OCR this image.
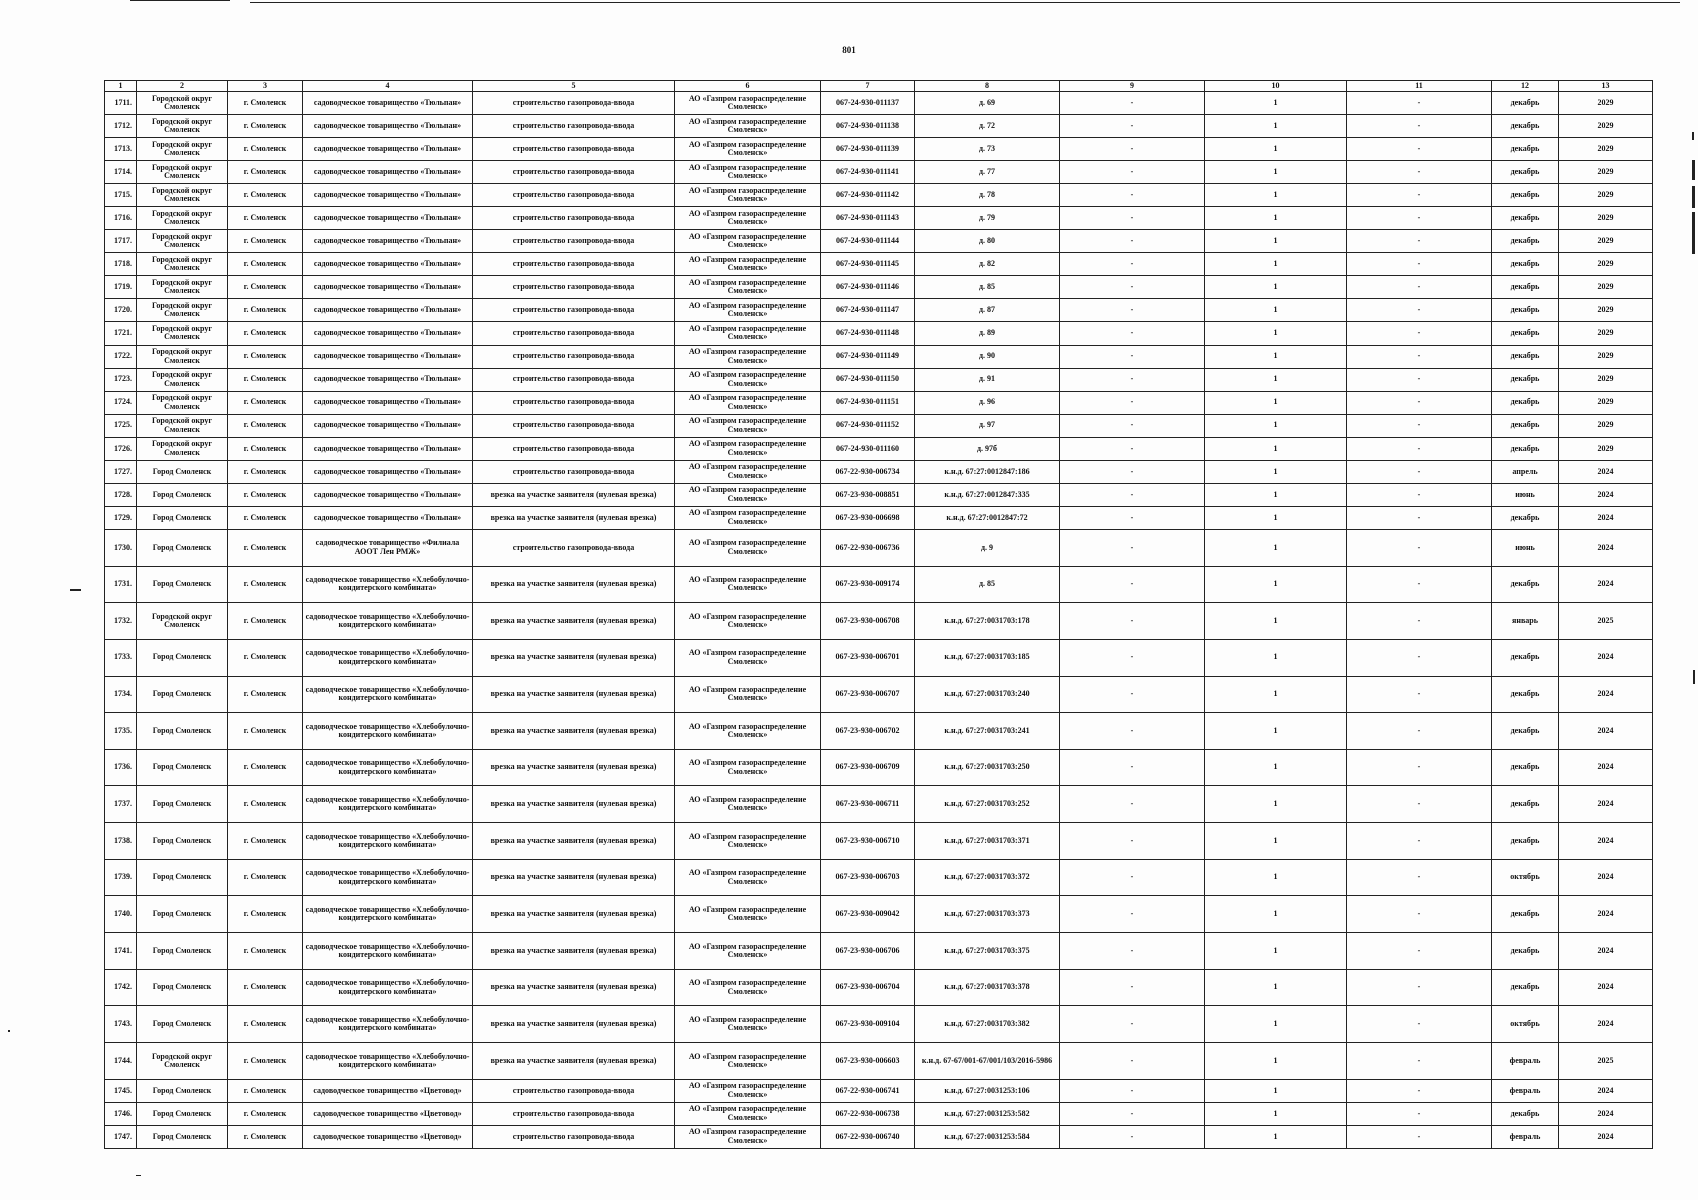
801
1	2	3	4	5	6	7	8	9	10	11	12	13
1711.	Городской округ Смоленск	г. Смоленск	садоводческое товарищество «Тюльпан»	строительство газопровода-ввода	АО «Газпром газораспределение Смоленск»	067-24-930-011137	д. 69	-	1	-	декабрь	2029
1712.	Городской округ Смоленск	г. Смоленск	садоводческое товарищество «Тюльпан»	строительство газопровода-ввода	АО «Газпром газораспределение Смоленск»	067-24-930-011138	д. 72	-	1	-	декабрь	2029
1713.	Городской округ Смоленск	г. Смоленск	садоводческое товарищество «Тюльпан»	строительство газопровода-ввода	АО «Газпром газораспределение Смоленск»	067-24-930-011139	д. 73	-	1	-	декабрь	2029
1714.	Городской округ Смоленск	г. Смоленск	садоводческое товарищество «Тюльпан»	строительство газопровода-ввода	АО «Газпром газораспределение Смоленск»	067-24-930-011141	д. 77	-	1	-	декабрь	2029
1715.	Городской округ Смоленск	г. Смоленск	садоводческое товарищество «Тюльпан»	строительство газопровода-ввода	АО «Газпром газораспределение Смоленск»	067-24-930-011142	д. 78	-	1	-	декабрь	2029
1716.	Городской округ Смоленск	г. Смоленск	садоводческое товарищество «Тюльпан»	строительство газопровода-ввода	АО «Газпром газораспределение Смоленск»	067-24-930-011143	д. 79	-	1	-	декабрь	2029
1717.	Городской округ Смоленск	г. Смоленск	садоводческое товарищество «Тюльпан»	строительство газопровода-ввода	АО «Газпром газораспределение Смоленск»	067-24-930-011144	д. 80	-	1	-	декабрь	2029
1718.	Городской округ Смоленск	г. Смоленск	садоводческое товарищество «Тюльпан»	строительство газопровода-ввода	АО «Газпром газораспределение Смоленск»	067-24-930-011145	д. 82	-	1	-	декабрь	2029
1719.	Городской округ Смоленск	г. Смоленск	садоводческое товарищество «Тюльпан»	строительство газопровода-ввода	АО «Газпром газораспределение Смоленск»	067-24-930-011146	д. 85	-	1	-	декабрь	2029
1720.	Городской округ Смоленск	г. Смоленск	садоводческое товарищество «Тюльпан»	строительство газопровода-ввода	АО «Газпром газораспределение Смоленск»	067-24-930-011147	д. 87	-	1	-	декабрь	2029
1721.	Городской округ Смоленск	г. Смоленск	садоводческое товарищество «Тюльпан»	строительство газопровода-ввода	АО «Газпром газораспределение Смоленск»	067-24-930-011148	д. 89	-	1	-	декабрь	2029
1722.	Городской округ Смоленск	г. Смоленск	садоводческое товарищество «Тюльпан»	строительство газопровода-ввода	АО «Газпром газораспределение Смоленск»	067-24-930-011149	д. 90	-	1	-	декабрь	2029
1723.	Городской округ Смоленск	г. Смоленск	садоводческое товарищество «Тюльпан»	строительство газопровода-ввода	АО «Газпром газораспределение Смоленск»	067-24-930-011150	д. 91	-	1	-	декабрь	2029
1724.	Городской округ Смоленск	г. Смоленск	садоводческое товарищество «Тюльпан»	строительство газопровода-ввода	АО «Газпром газораспределение Смоленск»	067-24-930-011151	д. 96	-	1	-	декабрь	2029
1725.	Городской округ Смоленск	г. Смоленск	садоводческое товарищество «Тюльпан»	строительство газопровода-ввода	АО «Газпром газораспределение Смоленск»	067-24-930-011152	д. 97	-	1	-	декабрь	2029
1726.	Городской округ Смоленск	г. Смоленск	садоводческое товарищество «Тюльпан»	строительство газопровода-ввода	АО «Газпром газораспределение Смоленск»	067-24-930-011160	д. 97б	-	1	-	декабрь	2029
1727.	Город Смоленск	г. Смоленск	садоводческое товарищество «Тюльпан»	строительство газопровода-ввода	АО «Газпром газораспределение Смоленск»	067-22-930-006734	к.н.д. 67:27:0012847:186	-	1	-	апрель	2024
1728.	Город Смоленск	г. Смоленск	садоводческое товарищество «Тюльпан»	врезка на участке заявителя (нулевая врезка)	АО «Газпром газораспределение Смоленск»	067-23-930-008851	к.н.д. 67:27:0012847:335	-	1	-	июнь	2024
1729.	Город Смоленск	г. Смоленск	садоводческое товарищество «Тюльпан»	врезка на участке заявителя (нулевая врезка)	АО «Газпром газораспределение Смоленск»	067-23-930-006698	к.н.д. 67:27:0012847:72	-	1	-	декабрь	2024
1730.	Город Смоленск	г. Смоленск	садоводческое товарищество «Филиала АООТ Лен РМЖ»	строительство газопровода-ввода	АО «Газпром газораспределение Смоленск»	067-22-930-006736	д. 9	-	1	-	июнь	2024
1731.	Город Смоленск	г. Смоленск	садоводческое товарищество «Хлебобулочно-кондитерского комбината»	врезка на участке заявителя (нулевая врезка)	АО «Газпром газораспределение Смоленск»	067-23-930-009174	д. 85	-	1	-	декабрь	2024
1732.	Городской округ Смоленск	г. Смоленск	садоводческое товарищество «Хлебобулочно-кондитерского комбината»	врезка на участке заявителя (нулевая врезка)	АО «Газпром газораспределение Смоленск»	067-23-930-006708	к.н.д. 67:27:0031703:178	-	1	-	январь	2025
1733.	Город Смоленск	г. Смоленск	садоводческое товарищество «Хлебобулочно-кондитерского комбината»	врезка на участке заявителя (нулевая врезка)	АО «Газпром газораспределение Смоленск»	067-23-930-006701	к.н.д. 67:27:0031703:185	-	1	-	декабрь	2024
1734.	Город Смоленск	г. Смоленск	садоводческое товарищество «Хлебобулочно-кондитерского комбината»	врезка на участке заявителя (нулевая врезка)	АО «Газпром газораспределение Смоленск»	067-23-930-006707	к.н.д. 67:27:0031703:240	-	1	-	декабрь	2024
1735.	Город Смоленск	г. Смоленск	садоводческое товарищество «Хлебобулочно-кондитерского комбината»	врезка на участке заявителя (нулевая врезка)	АО «Газпром газораспределение Смоленск»	067-23-930-006702	к.н.д. 67:27:0031703:241	-	1	-	декабрь	2024
1736.	Город Смоленск	г. Смоленск	садоводческое товарищество «Хлебобулочно-кондитерского комбината»	врезка на участке заявителя (нулевая врезка)	АО «Газпром газораспределение Смоленск»	067-23-930-006709	к.н.д. 67:27:0031703:250	-	1	-	декабрь	2024
1737.	Город Смоленск	г. Смоленск	садоводческое товарищество «Хлебобулочно-кондитерского комбината»	врезка на участке заявителя (нулевая врезка)	АО «Газпром газораспределение Смоленск»	067-23-930-006711	к.н.д. 67:27:0031703:252	-	1	-	декабрь	2024
1738.	Город Смоленск	г. Смоленск	садоводческое товарищество «Хлебобулочно-кондитерского комбината»	врезка на участке заявителя (нулевая врезка)	АО «Газпром газораспределение Смоленск»	067-23-930-006710	к.н.д. 67:27:0031703:371	-	1	-	декабрь	2024
1739.	Город Смоленск	г. Смоленск	садоводческое товарищество «Хлебобулочно-кондитерского комбината»	врезка на участке заявителя (нулевая врезка)	АО «Газпром газораспределение Смоленск»	067-23-930-006703	к.н.д. 67:27:0031703:372	-	1	-	октябрь	2024
1740.	Город Смоленск	г. Смоленск	садоводческое товарищество «Хлебобулочно-кондитерского комбината»	врезка на участке заявителя (нулевая врезка)	АО «Газпром газораспределение Смоленск»	067-23-930-009042	к.н.д. 67:27:0031703:373	-	1	-	декабрь	2024
1741.	Город Смоленск	г. Смоленск	садоводческое товарищество «Хлебобулочно-кондитерского комбината»	врезка на участке заявителя (нулевая врезка)	АО «Газпром газораспределение Смоленск»	067-23-930-006706	к.н.д. 67:27:0031703:375	-	1	-	декабрь	2024
1742.	Город Смоленск	г. Смоленск	садоводческое товарищество «Хлебобулочно-кондитерского комбината»	врезка на участке заявителя (нулевая врезка)	АО «Газпром газораспределение Смоленск»	067-23-930-006704	к.н.д. 67:27:0031703:378	-	1	-	декабрь	2024
1743.	Город Смоленск	г. Смоленск	садоводческое товарищество «Хлебобулочно-кондитерского комбината»	врезка на участке заявителя (нулевая врезка)	АО «Газпром газораспределение Смоленск»	067-23-930-009104	к.н.д. 67:27:0031703:382	-	1	-	октябрь	2024
1744.	Городской округ Смоленск	г. Смоленск	садоводческое товарищество «Хлебобулочно-кондитерского комбината»	врезка на участке заявителя (нулевая врезка)	АО «Газпром газораспределение Смоленск»	067-23-930-006603	к.н.д. 67-67/001-67/001/103/2016-5986	-	1	-	февраль	2025
1745.	Город Смоленск	г. Смоленск	садоводческое товарищество «Цветовод»	строительство газопровода-ввода	АО «Газпром газораспределение Смоленск»	067-22-930-006741	к.н.д. 67:27:0031253:106	-	1	-	февраль	2024
1746.	Город Смоленск	г. Смоленск	садоводческое товарищество «Цветовод»	строительство газопровода-ввода	АО «Газпром газораспределение Смоленск»	067-22-930-006738	к.н.д. 67:27:0031253:582	-	1	-	декабрь	2024
1747.	Город Смоленск	г. Смоленск	садоводческое товарищество «Цветовод»	строительство газопровода-ввода	АО «Газпром газораспределение Смоленск»	067-22-930-006740	к.н.д. 67:27:0031253:584	-	1	-	февраль	2024
